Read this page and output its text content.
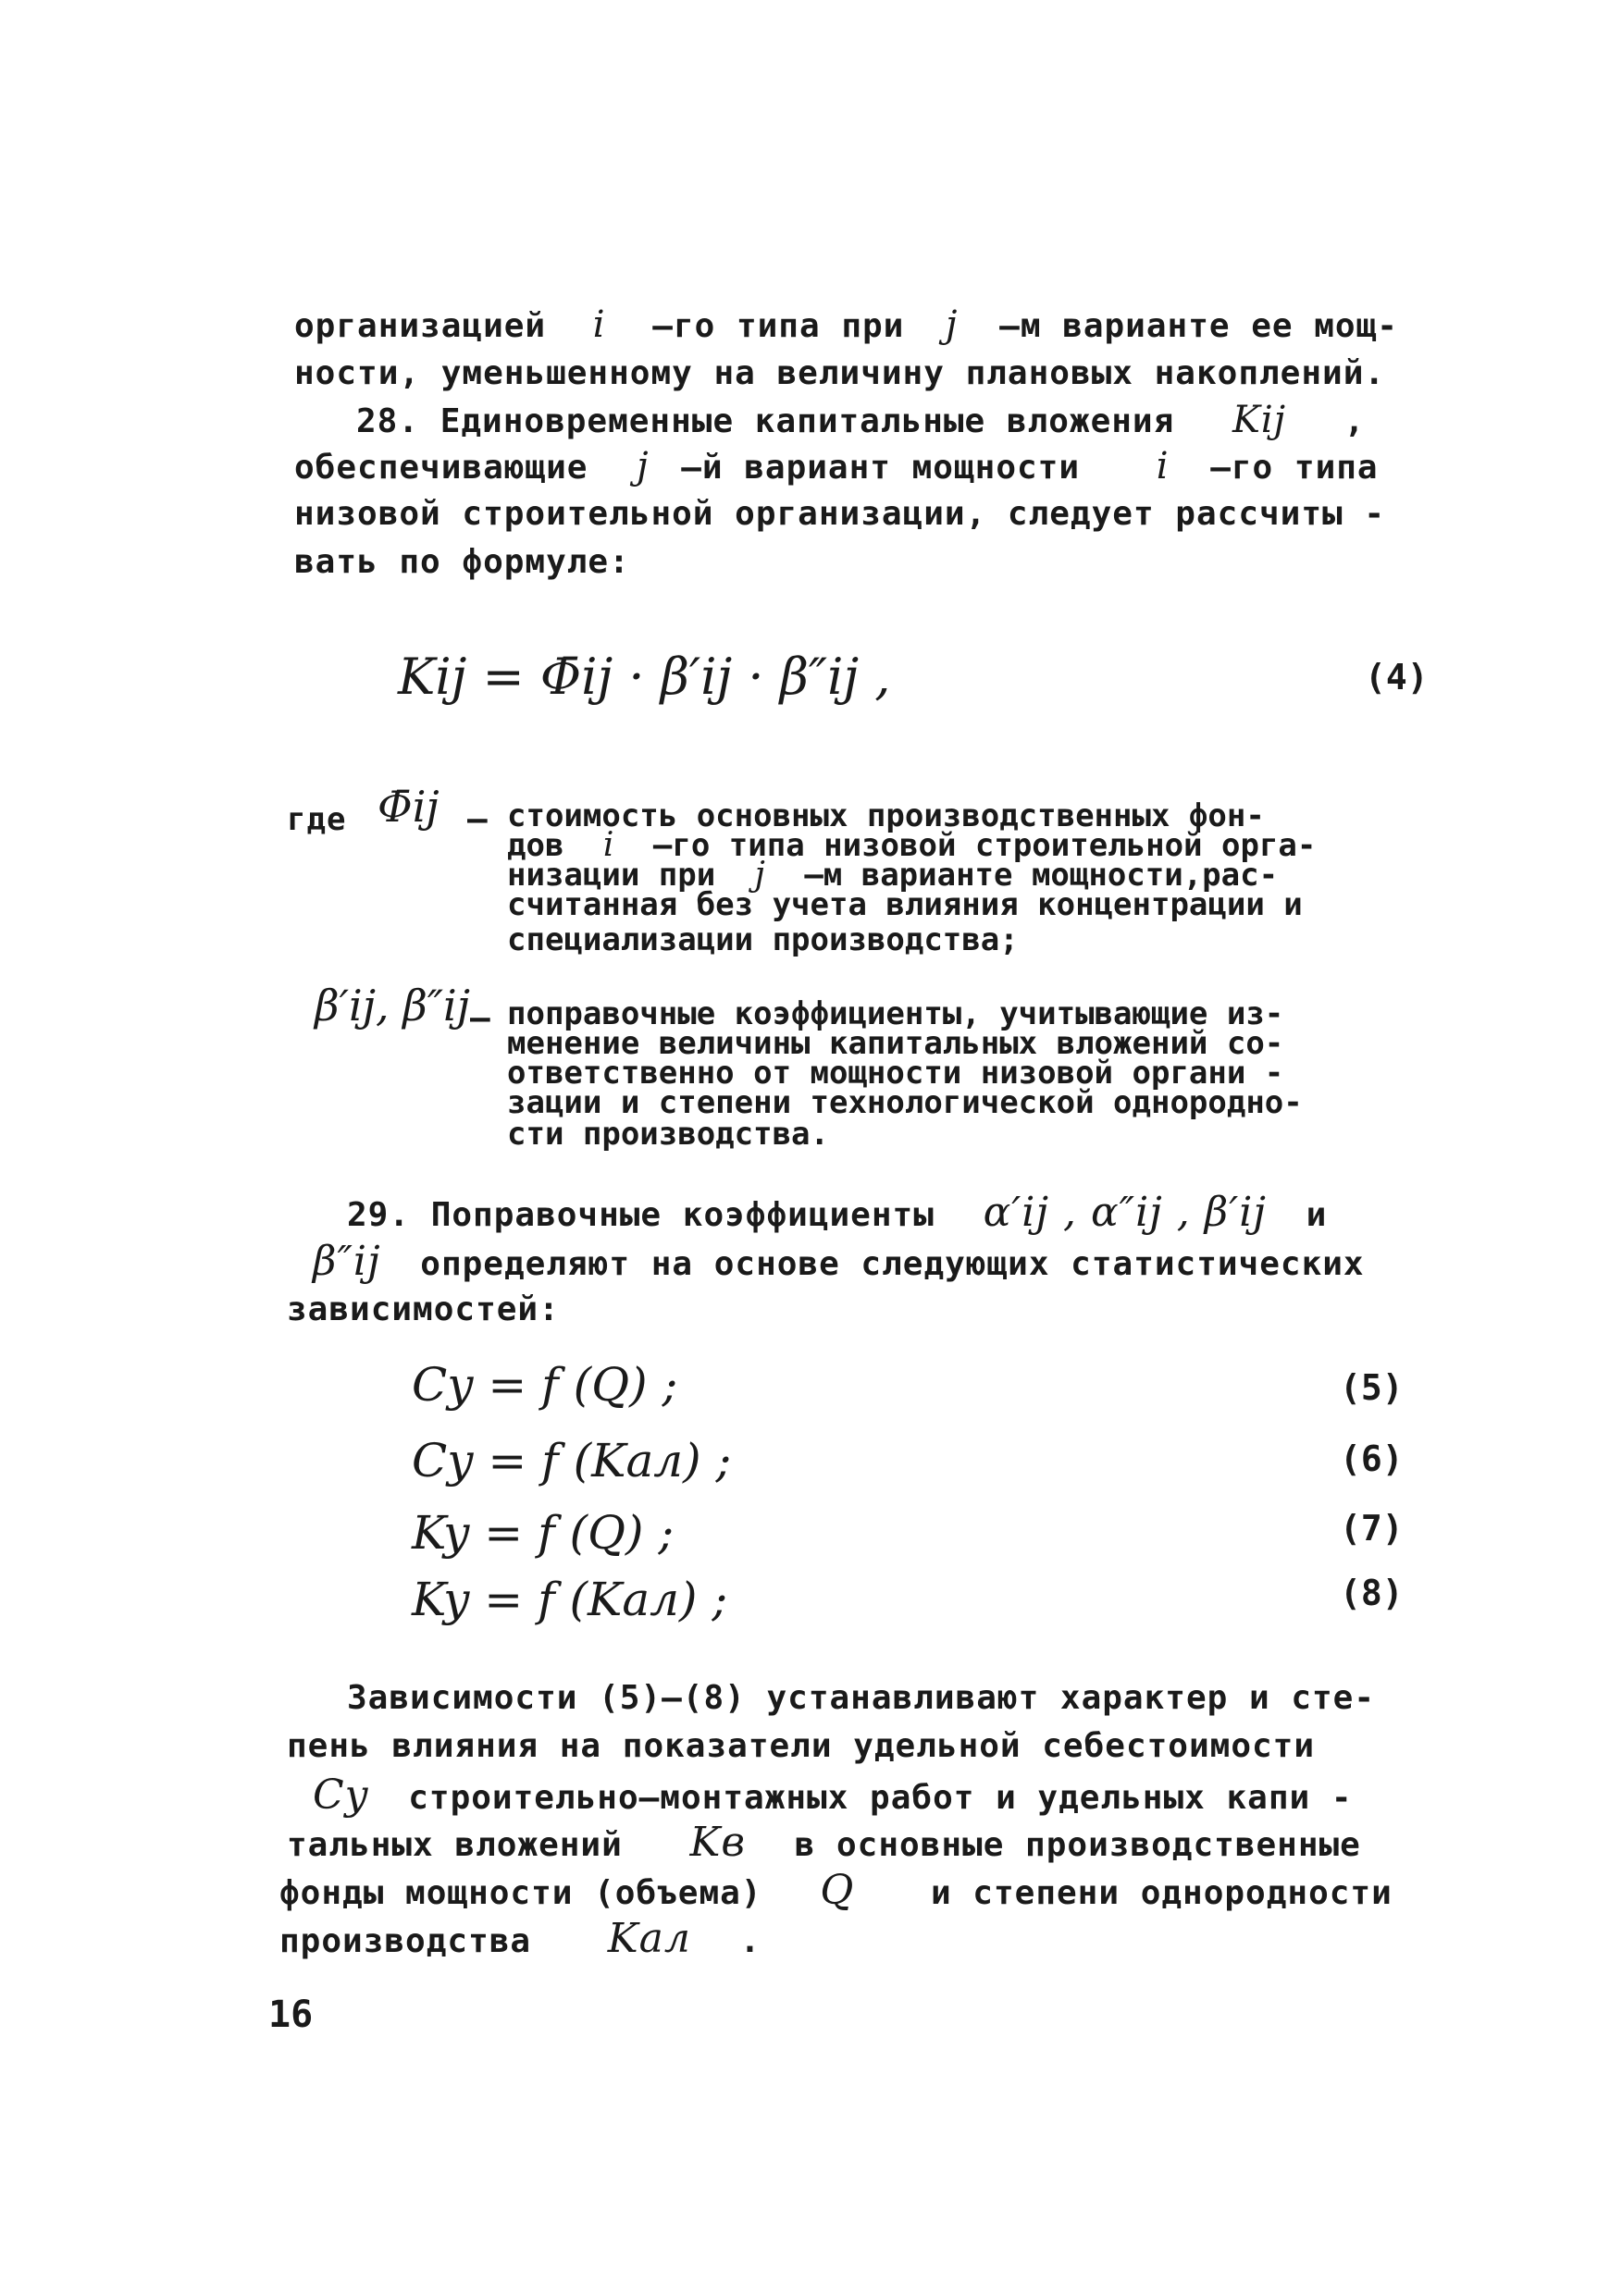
организацией i –го типа при j –м варианте ее мощ-
ности, уменьшенному на величину плановых накоплений.
28. Единовременные капитальные вложения Kij ,
обеспечивающие j –й вариант мощности i –го типа
низовой строительной организации, следует рассчиты -
вать по формуле:
Kij = Φ̄ij · β′ij · β″ij ,	(4)
где Φ̄ij – стоимость основных производственных фон-
дов i –го типа низовой строительной орга-
низации при j –м варианте мощности,рас-
считанная без учета влияния концентрации и
специализации производства;
β′ij, β″ij – поправочные коэффициенты, учитывающие из-
менение величины капитальных вложений со-
ответственно от мощности низовой органи -
зации и степени технологической однородно-
сти производства.
29. Поправочные коэффициенты α′ij , α″ij , β′ij и
β″ij определяют на основе следующих статистических
зависимостей:
Cy = f (Q) ;	(5)
Cy = f (Kал) ;	(6)
Ky = f (Q) ;	(7)
Ky = f (Kал) ;	(8)
Зависимости (5)–(8) устанавливают характер и сте-
пень влияния на показатели удельной себестоимости
Cy строительно–монтажных работ и удельных капи -
тальных вложений Kв в основные производственные
фонды мощности (объема) Q и степени однородности
производства Kал .
16
